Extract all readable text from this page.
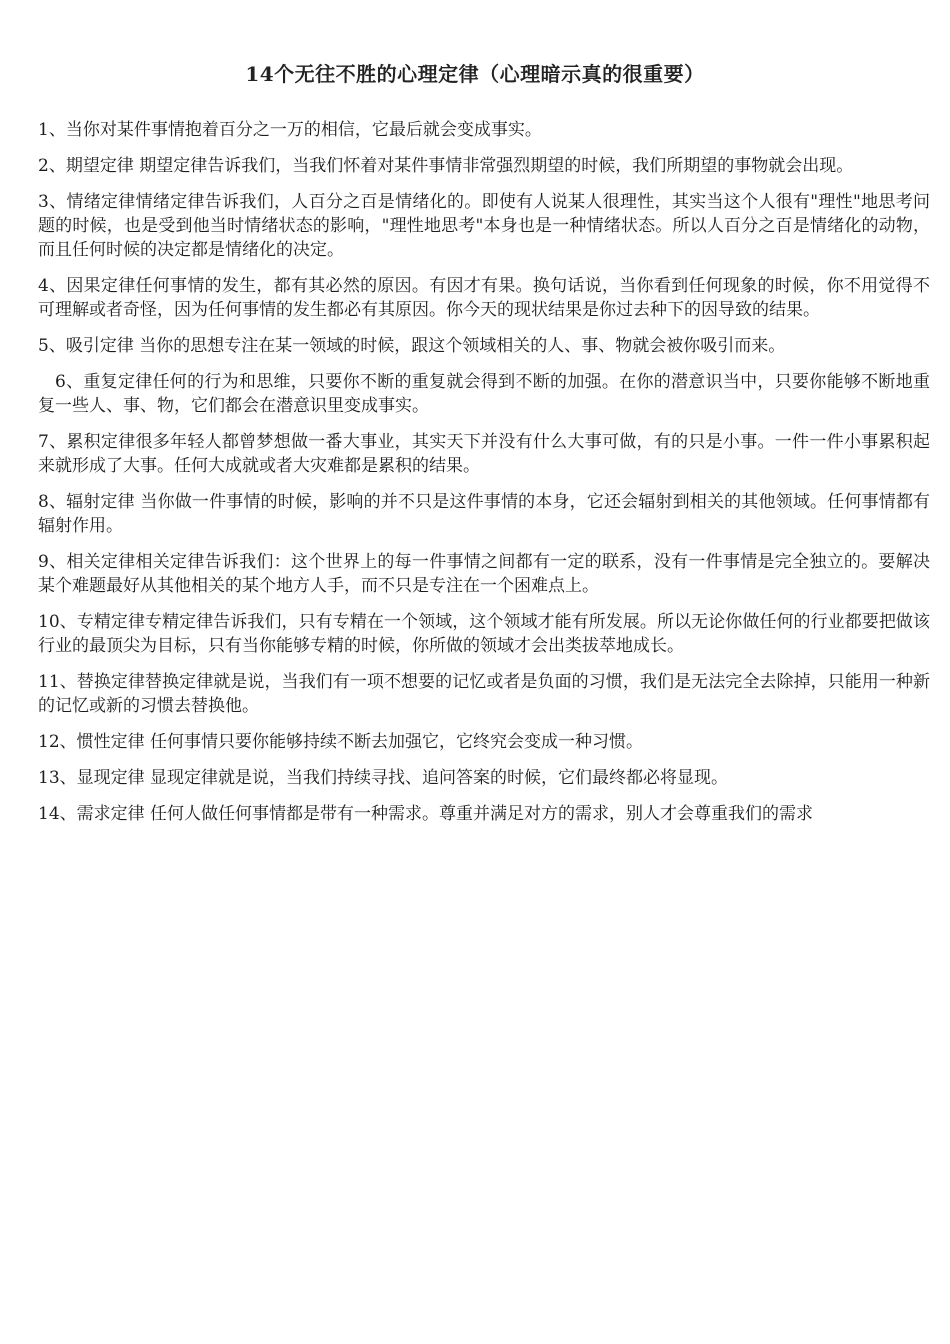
14个无往不胜的心理定律（心理暗示真的很重要）

1、当你对某件事情抱着百分之一万的相信，它最后就会变成事实。

2、期望定律 期望定律告诉我们，当我们怀着对某件事情非常强烈期望的时候，我们所期望的事物就会出现。

3、情绪定律情绪定律告诉我们，人百分之百是情绪化的。即使有人说某人很理性，其实当这个人很有"理性"地思考问题的时候，也是受到他当时情绪状态的影响，"理性地思考"本身也是一种情绪状态。所以人百分之百是情绪化的动物，而且任何时候的决定都是情绪化的决定。

4、因果定律任何事情的发生，都有其必然的原因。有因才有果。换句话说，当你看到任何现象的时候，你不用觉得不可理解或者奇怪，因为任何事情的发生都必有其原因。你今天的现状结果是你过去种下的因导致的结果。

5、吸引定律 当你的思想专注在某一领域的时候，跟这个领域相关的人、事、物就会被你吸引而来。

6、重复定律任何的行为和思维，只要你不断的重复就会得到不断的加强。在你的潜意识当中，只要你能够不断地重复一些人、事、物，它们都会在潜意识里变成事实。

7、累积定律很多年轻人都曾梦想做一番大事业，其实天下并没有什么大事可做，有的只是小事。一件一件小事累积起来就形成了大事。任何大成就或者大灾难都是累积的结果。

8、辐射定律 当你做一件事情的时候，影响的并不只是这件事情的本身，它还会辐射到相关的其他领域。任何事情都有辐射作用。

9、相关定律相关定律告诉我们：这个世界上的每一件事情之间都有一定的联系，没有一件事情是完全独立的。要解决某个难题最好从其他相关的某个地方人手，而不只是专注在一个困难点上。

10、专精定律专精定律告诉我们，只有专精在一个领域，这个领域才能有所发展。所以无论你做任何的行业都要把做该行业的最顶尖为目标，只有当你能够专精的时候，你所做的领域才会出类拔萃地成长。

11、替换定律替换定律就是说，当我们有一项不想要的记忆或者是负面的习惯，我们是无法完全去除掉，只能用一种新的记忆或新的习惯去替换他。

12、惯性定律 任何事情只要你能够持续不断去加强它，它终究会变成一种习惯。

13、显现定律 显现定律就是说，当我们持续寻找、追问答案的时候，它们最终都必将显现。

14、需求定律 任何人做任何事情都是带有一种需求。尊重并满足对方的需求，别人才会尊重我们的需求
